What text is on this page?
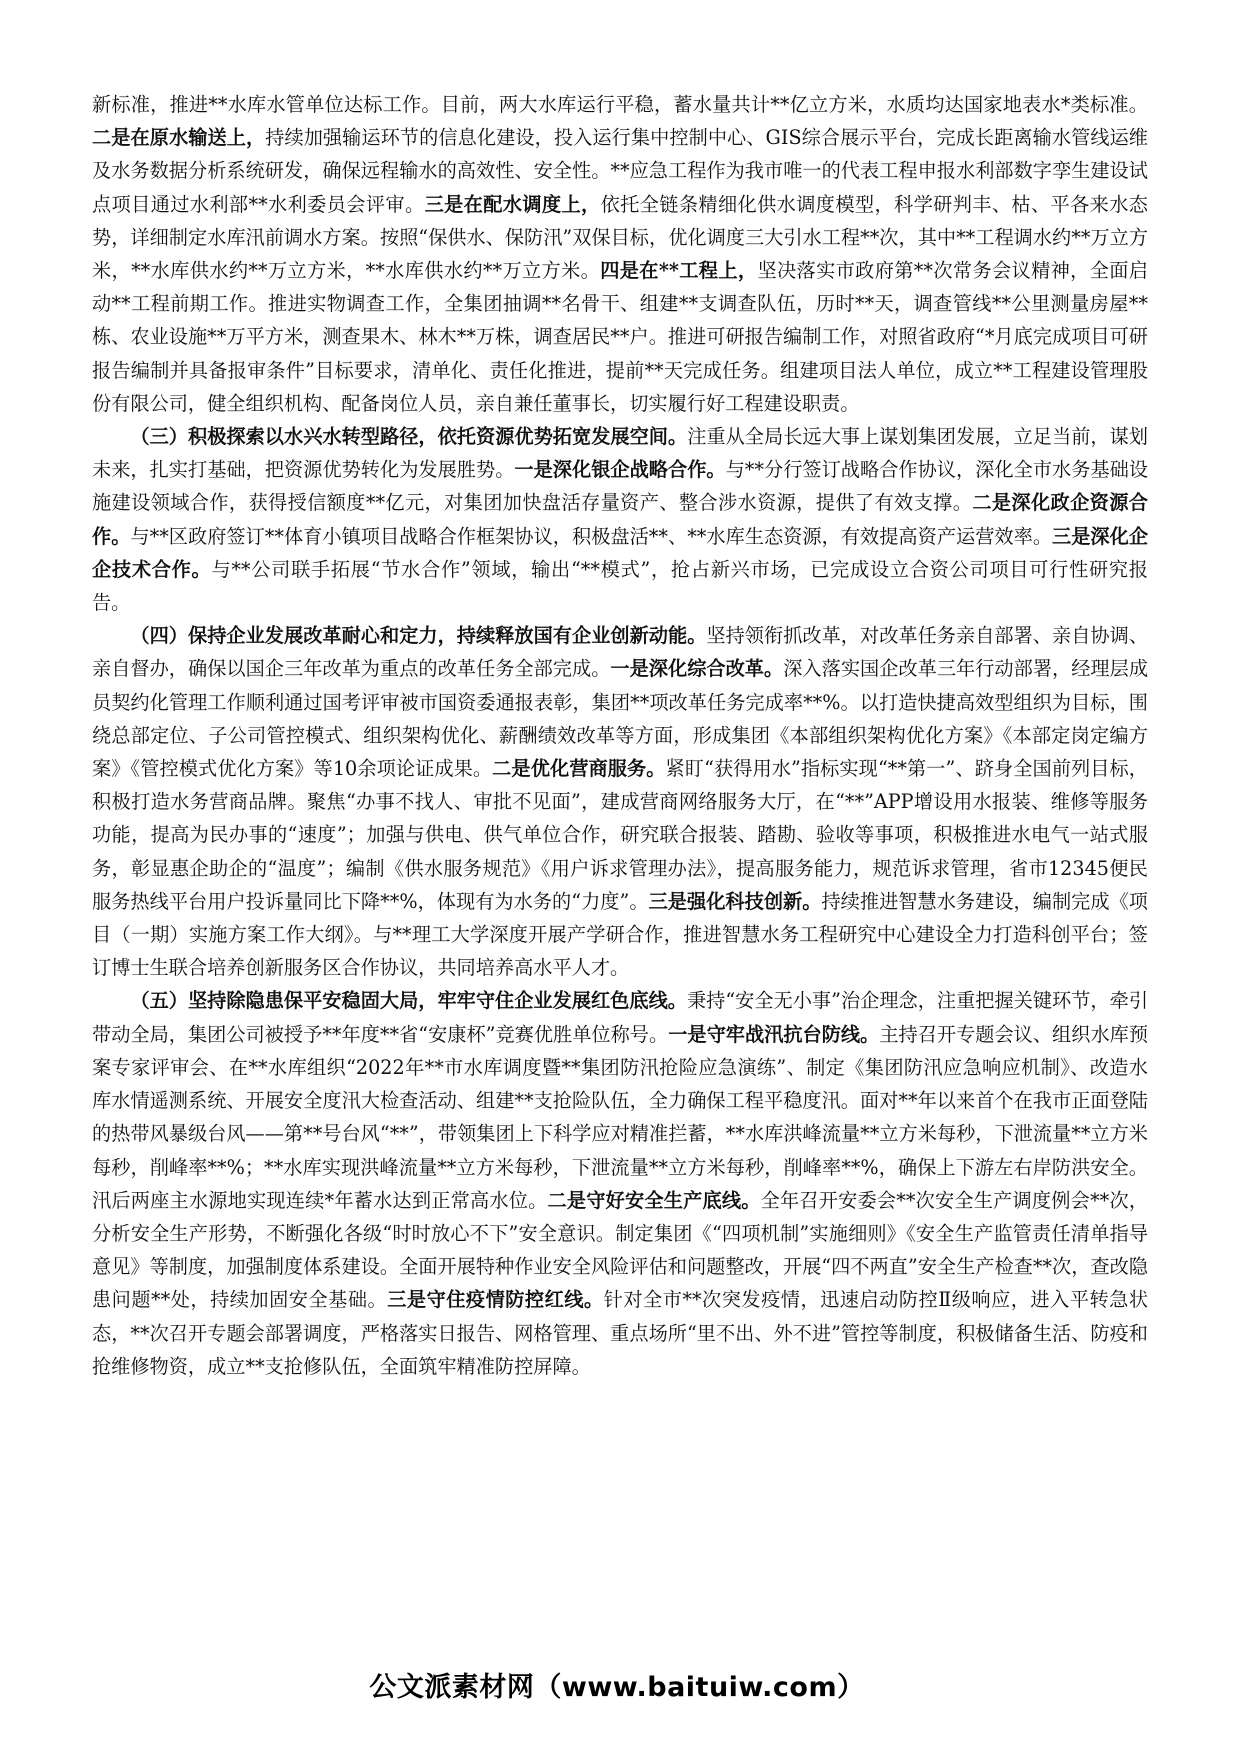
新标准，推进**水库水管单位达标工作。目前，两大水库运行平稳，蓄水量共计**亿立方米，水质均达国家地表水*类标准。二是在原水输送上，持续加强输运环节的信息化建设，投入运行集中控制中心、GIS综合展示平台，完成长距离输水管线运维及水务数据分析系统研发，确保远程输水的高效性、安全性。**应急工程作为我市唯一的代表工程申报水利部数字孪生建设试点项目通过水利部**水利委员会评审。三是在配水调度上，依托全链条精细化供水调度模型，科学研判丰、枯、平各来水态势，详细制定水库汛前调水方案。按照“保供水、保防汛”双保目标，优化调度三大引水工程**次，其中**工程调水约**万立方米，**水库供水约**万立方米，**水库供水约**万立方米。四是在**工程上，坚决落实市政府第**次常务会议精神，全面启动**工程前期工作。推进实物调查工作，全集团抽调**名骨干、组建**支调查队伍，历时**天，调查管线**公里测量房屋**栋、农业设施**万平方米，测查果木、林木**万株，调查居民**户。推进可研报告编制工作，对照省政府“*月底完成项目可研报告编制并具备报审条件”目标要求，清单化、责任化推进，提前**天完成任务。组建项目法人单位，成立**工程建设管理股份有限公司，健全组织机构、配备岗位人员，亲自兼任董事长，切实履行好工程建设职责。

（三）积极探索以水兴水转型路径，依托资源优势拓宽发展空间。注重从全局长远大事上谋划集团发展，立足当前，谋划未来，扎实打基础，把资源优势转化为发展胜势。一是深化银企战略合作。与**分行签订战略合作协议，深化全市水务基础设施建设领域合作，获得授信额度**亿元，对集团加快盘活存量资产、整合涉水资源，提供了有效支撑。二是深化政企资源合作。与**区政府签订**体育小镇项目战略合作框架协议，积极盘活**、**水库生态资源，有效提高资产运营效率。三是深化企企技术合作。与**公司联手拓展“节水合作”领域，输出“**模式”，抢占新兴市场，已完成设立合资公司项目可行性研究报告。

（四）保持企业发展改革耐心和定力，持续释放国有企业创新动能。坚持领衔抓改革，对改革任务亲自部署、亲自协调、亲自督办，确保以国企三年改革为重点的改革任务全部完成。一是深化综合改革。深入落实国企改革三年行动部署，经理层成员契约化管理工作顺利通过国考评审被市国资委通报表彰，集团**项改革任务完成率**%。以打造快捷高效型组织为目标，围绕总部定位、子公司管控模式、组织架构优化、薪酬绩效改革等方面，形成集团《本部组织架构优化方案》《本部定岗定编方案》《管控模式优化方案》等10余项论证成果。二是优化营商服务。紧盯“获得用水”指标实现“**第一”、跻身全国前列目标，积极打造水务营商品牌。聚焦“办事不找人、审批不见面”，建成营商网络服务大厅，在“**”APP增设用水报装、维修等服务功能，提高为民办事的“速度”；加强与供电、供气单位合作，研究联合报装、踏勘、验收等事项，积极推进水电气一站式服务，彰显惠企助企的“温度”；编制《供水服务规范》《用户诉求管理办法》，提高服务能力，规范诉求管理，省市12345便民服务热线平台用户投诉量同比下降**%，体现有为水务的“力度”。三是强化科技创新。持续推进智慧水务建设，编制完成《项目（一期）实施方案工作大纲》。与**理工大学深度开展产学研合作，推进智慧水务工程研究中心建设全力打造科创平台；签订博士生联合培养创新服务区合作协议，共同培养高水平人才。

（五）坚持除隐患保平安稳固大局，牢牢守住企业发展红色底线。秉持“安全无小事”治企理念，注重把握关键环节，牵引带动全局，集团公司被授予**年度**省“安康杯”竞赛优胜单位称号。一是守牢战汛抗台防线。主持召开专题会议、组织水库预案专家评审会、在**水库组织“2022年**市水库调度暨**集团防汛抢险应急演练”、制定《集团防汛应急响应机制》、改造水库水情遥测系统、开展安全度汛大检查活动、组建**支抢险队伍，全力确保工程平稳度汛。面对**年以来首个在我市正面登陆的热带风暴级台风——第**号台风“**”，带领集团上下科学应对精准拦蓄，**水库洪峰流量**立方米每秒，下泄流量**立方米每秒，削峰率**%；**水库实现洪峰流量**立方米每秒，下泄流量**立方米每秒，削峰率**%，确保上下游左右岸防洪安全。汛后两座主水源地实现连续*年蓄水达到正常高水位。二是守好安全生产底线。全年召开安委会**次安全生产调度例会**次，分析安全生产形势，不断强化各级“时时放心不下”安全意识。制定集团《“四项机制”实施细则》《安全生产监管责任清单指导意见》等制度，加强制度体系建设。全面开展特种作业安全风险评估和问题整改，开展“四不两直”安全生产检查**次，查改隐患问题**处，持续加固安全基础。三是守住疫情防控红线。针对全市**次突发疫情，迅速启动防控Ⅱ级响应，进入平转急状态，**次召开专题会部署调度，严格落实日报告、网格管理、重点场所“里不出、外不进”管控等制度，积极储备生活、防疫和抢维修物资，成立**支抢修队伍，全面筑牢精准防控屏障。

公文派素材网（www.baituiw.com）
